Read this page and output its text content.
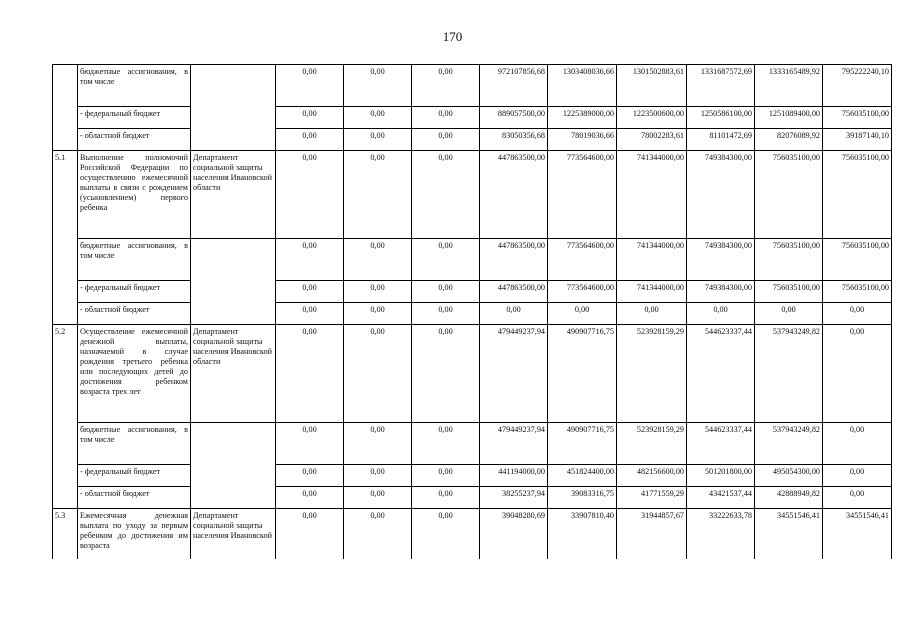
170
	бюджетные ассигнования, в том числе		0,00	0,00	0,00	972107856,68	1303408036,66	1301502883,61	1331687572,69	1333165489,92	795222240,10
	- федеральный бюджет		0,00	0,00	0,00	889057500,00	1225389000,00	1223500600,00	1250586100,00	1251089400,00	756035100,00
	- областной бюджет		0,00	0,00	0,00	83050356,68	78019036,66	78002283,61	81101472,69	82076089,92	39187140,10
5.1	Выполнение полномочий Российской Федерации по осуществлению ежемесячной выплаты в связи с рождением (усыновлением) первого ребенка	Департамент социальной защиты населения Ивановской области	0,00	0,00	0,00	447863500,00	773564600,00	741344000,00	749384300,00	756035100,00	756035100,00
	бюджетные ассигнования, в том числе		0,00	0,00	0,00	447863500,00	773564600,00	741344000,00	749384300,00	756035100,00	756035100,00
	- федеральный бюджет		0,00	0,00	0,00	447863500,00	773564600,00	741344000,00	749384300,00	756035100,00	756035100,00
	- областной бюджет		0,00	0,00	0,00	0,00	0,00	0,00	0,00	0,00	0,00
5.2	Осуществление ежемесячной денежной выплаты, назначаемой в случае рождения третьего ребенка или последующих детей до достижения ребенком возраста трех лет	Департамент социальной защиты населения Ивановской области	0,00	0,00	0,00	479449237,94	490907716,75	523928159,29	544623337,44	537943249,82	0,00
	бюджетные ассигнования, в том числе		0,00	0,00	0,00	479449237,94	490907716,75	523928159,29	544623337,44	537943249,82	0,00
	- федеральный бюджет		0,00	0,00	0,00	441194000,00	451824400,00	482156600,00	501201800,00	495054300,00	0,00
	- областной бюджет		0,00	0,00	0,00	38255237,94	39083316,75	41771559,29	43421537,44	42888949,82	0,00
5.3	Ежемесячная денежная выплата по уходу за первым ребенком до достижения им возраста	Департамент социальной защиты населения Ивановской	0,00	0,00	0,00	39048280,69	33907810,40	31944857,67	33222633,78	34551546,41	34551546,41
